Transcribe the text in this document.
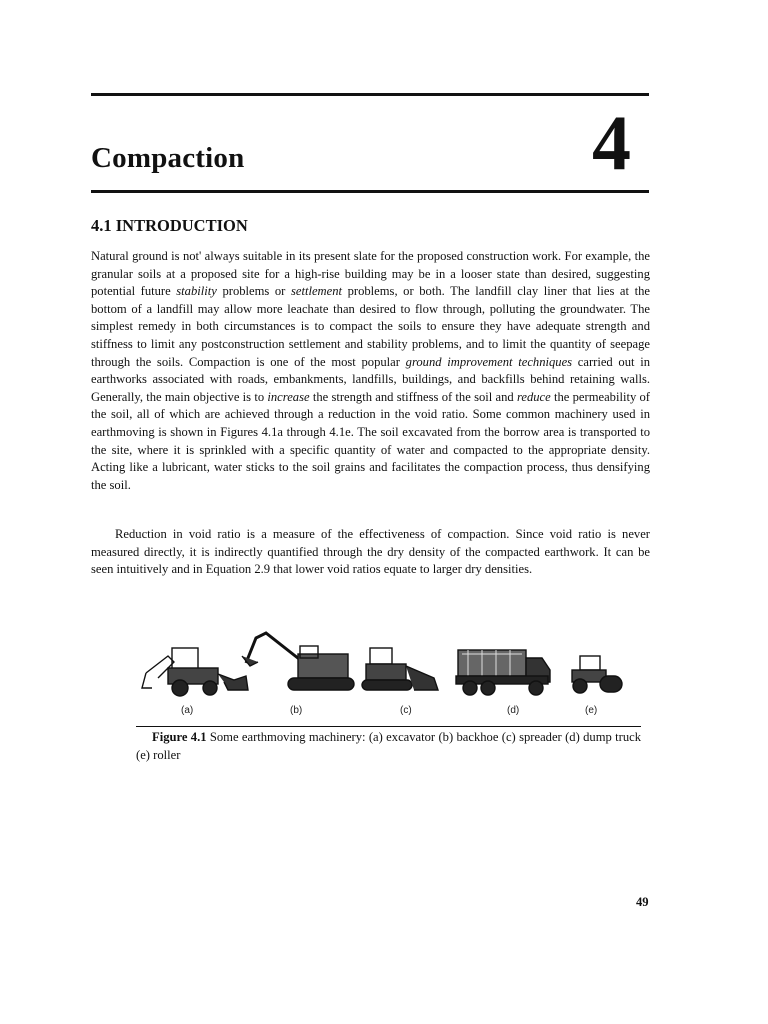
Compaction	4
4.1 INTRODUCTION

Natural ground is not' always suitable in its present slate for the proposed construction work. For example, the granular soils at a proposed site for a high-rise building may be in a looser state than desired, suggesting potential future stability problems or settlement problems, or both. The landfill clay liner that lies at the bottom of a landfill may allow more leachate than desired to flow through, polluting the groundwater. The simplest remedy in both circumstances is to compact the soils to ensure they have adequate strength and stiffness to limit any postconstruction settlement and stability problems, and to limit the quantity of seepage through the soils. Compaction is one of the most popular ground improvement techniques carried out in earthworks associated with roads, embankments, landfills, buildings, and backfills behind retaining walls. Generally, the main objective is to increase the strength and stiffness of the soil and reduce the permeability of the soil, all of which are achieved through a reduction in the void ratio. Some common machinery used in earthmoving is shown in Figures 4.1a through 4.1e. The soil excavated from the borrow area is transported to the site, where it is sprinkled with a specific quantity of water and compacted to the appropriate density. Acting like a lubricant, water sticks to the soil grains and facilitates the compaction process, thus densifying the soil.

Reduction in void ratio is a measure of the effectiveness of compaction. Since void ratio is never measured directly, it is indirectly quantified through the dry density of the compacted earthwork. It can be seen intuitively and in Equation 2.9 that lower void ratios equate to larger dry densities.

(a)	(b)	(c)	(d)	(e)

Figure 4.1 Some earthmoving machinery: (a) excavator (b) backhoe (c) spreader (d) dump truck (e) roller

49
